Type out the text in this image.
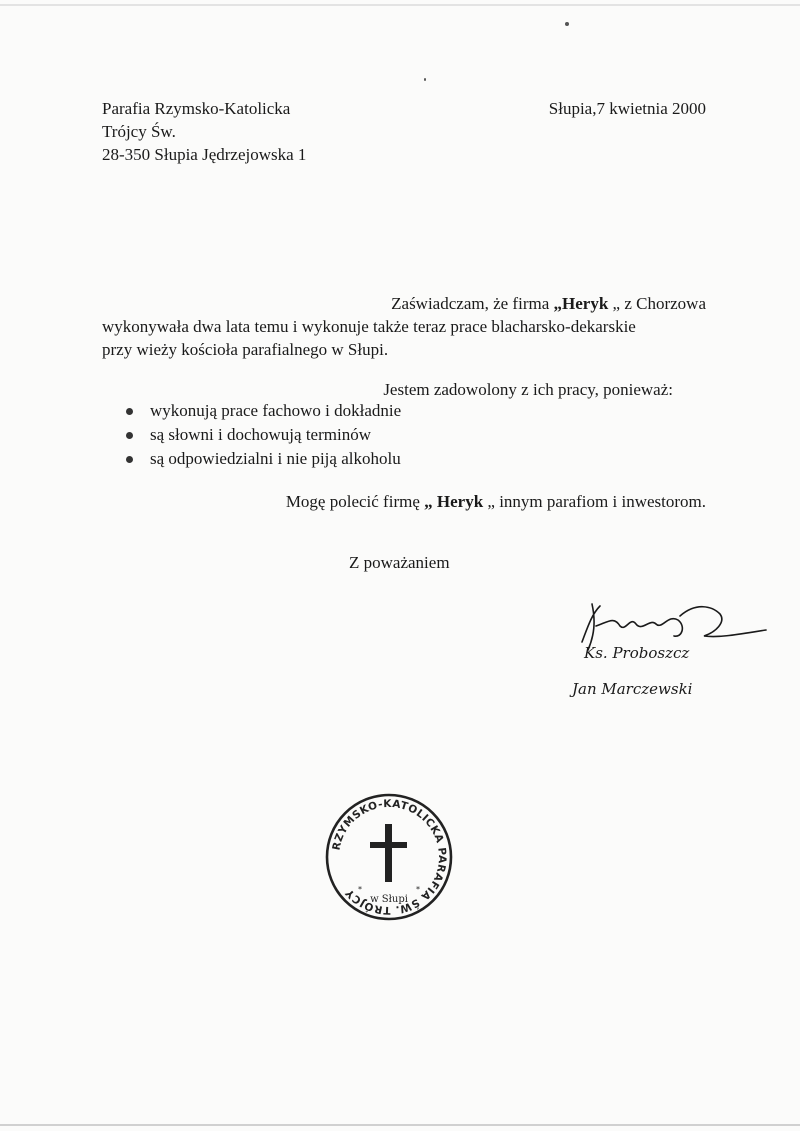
Parafia Rzymsko-Katolicka
Trójcy Św.
28-350 Słupia Jędrzejowska 1
Słupia,7 kwietnia 2000
Zaświadczam, że firma „Heryk „ z Chorzowa
wykonywała dwa lata temu i wykonuje także teraz prace blacharsko-dekarskie
przy wieży kościoła parafialnego w Słupi.
Jestem zadowolony z ich pracy, ponieważ:
wykonują prace fachowo i dokładnie
są słowni i dochowują terminów
są odpowiedzialni i nie piją alkoholu
Mogę polecić firmę „ Heryk „ innym parafiom i inwestorom.
Z poważaniem
Ks. Proboszcz
Jan Marczewski
RZYMSKO-KATOLICKA PARAFIA ŚW. TRÓJCY	w Słupi
*	*
